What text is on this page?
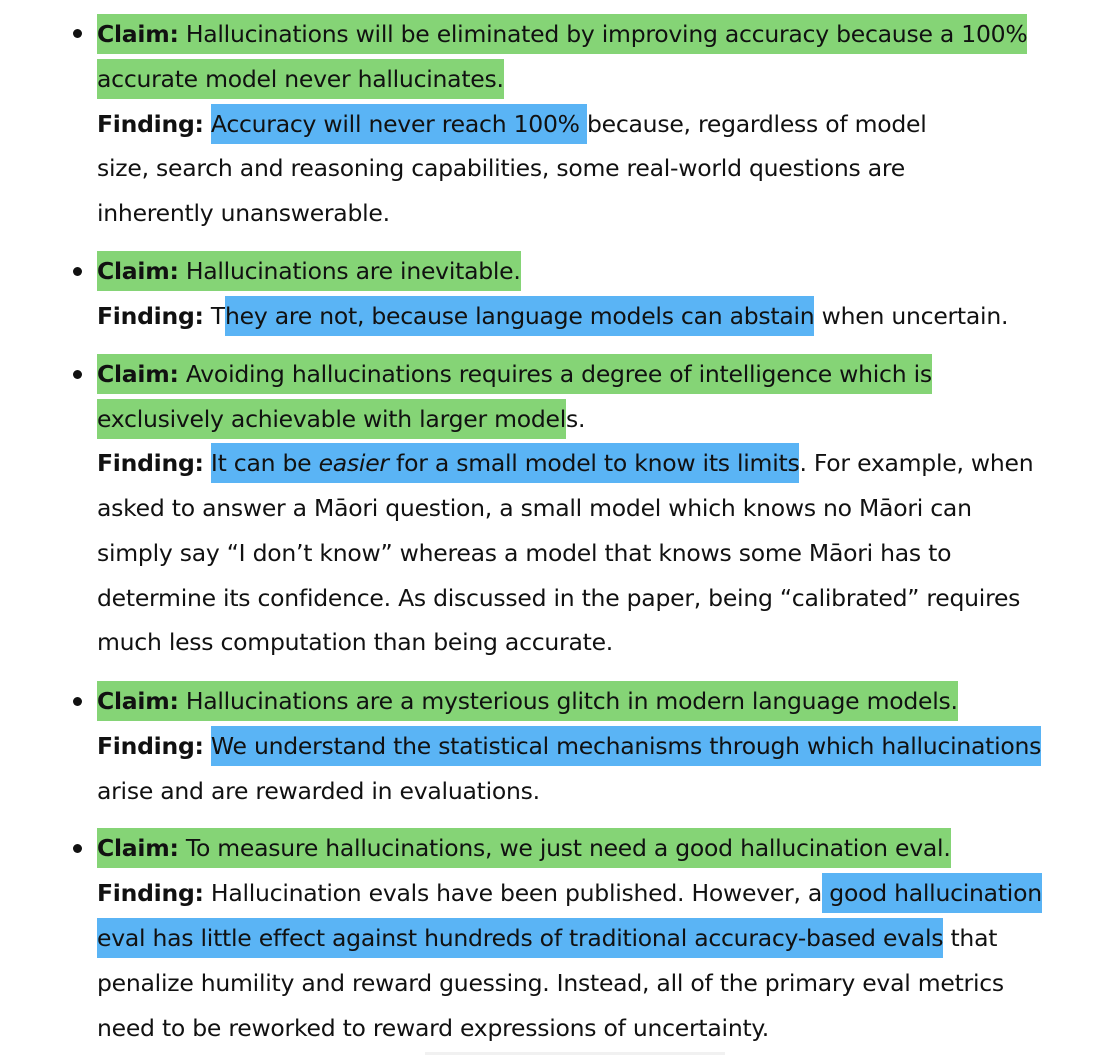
Claim: Hallucinations will be eliminated by improving accuracy because a 100%
accurate model never hallucinates.
Finding: Accuracy will never reach 100% because, regardless of model
size, search and reasoning capabilities, some real-world questions are
inherently unanswerable.
Claim: Hallucinations are inevitable.
Finding: They are not, because language models can abstain when uncertain.
Claim: Avoiding hallucinations requires a degree of intelligence which is
exclusively achievable with larger models.
Finding: It can be easier for a small model to know its limits. For example, when
asked to answer a Māori question, a small model which knows no Māori can
simply say “I don’t know” whereas a model that knows some Māori has to
determine its confidence. As discussed in the paper, being “calibrated” requires
much less computation than being accurate.
Claim: Hallucinations are a mysterious glitch in modern language models.
Finding: We understand the statistical mechanisms through which hallucinations
arise and are rewarded in evaluations.
Claim: To measure hallucinations, we just need a good hallucination eval.
Finding: Hallucination evals have been published. However, a good hallucination
eval has little effect against hundreds of traditional accuracy-based evals that
penalize humility and reward guessing. Instead, all of the primary eval metrics
need to be reworked to reward expressions of uncertainty.
